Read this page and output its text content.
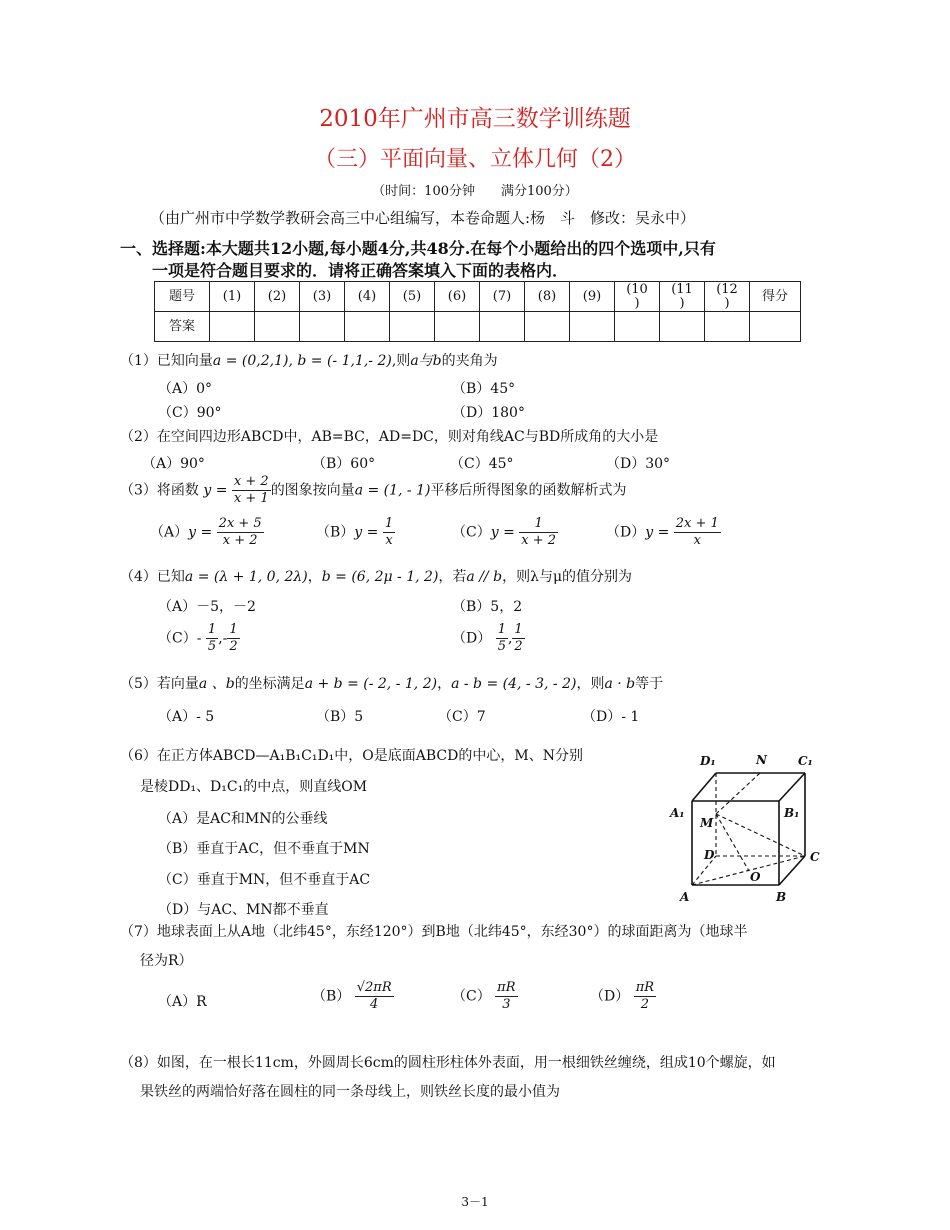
2010年广州市高三数学训练题
（三）平面向量、立体几何（2）
（时间：100分钟　　满分100分）
（由广州市中学数学教研会高三中心组编写，本卷命题人:杨　斗　修改：吴永中）
一、选择题:本大题共12小题,每小题4分,共48分.在每个小题给出的四个选项中,只有
一项是符合题目要求的．请将正确答案填入下面的表格内．
题号	(1)	(2)	(3)	(4)	(5)	(6)	(7)	(8)	(9)	(10
)	(11
)	(12
)	得分
答案													
（1）已知向量a = (0,2,1), b = (- 1,1,- 2),则a与b的夹角为
（A）0°	（B）45°
（C）90°	（D）180°
（2）在空间四边形ABCD中，AB=BC，AD=DC，则对角线AC与BD所成角的大小是
（A）90°	（B）60°	（C）45°	（D）30°
（3）将函数 $y = \frac{x + 2}{x + 1}$ 的图象按向量a = (1, - 1)平移后所得图象的函数解析式为
$(A)y = \frac{2x + 5}{x + 2}$	$(B)y = \frac{1}{x}$	$(C)y = \frac{1}{x + 2}$	$(D)y = \frac{2x + 1}{x}$
（4）已知a = (λ + 1, 0, 2λ)，b = (6, 2μ - 1, 2)，若a // b，则λ与μ的值分别为
（A）－5，－2	（B）5，2
$(C)- \frac{1}{5}$ ,- $\frac{1}{2}$	$(D) \frac{1}{5}$ , $\frac{1}{2}$
（5）若向量a 、b的坐标满足a + b = (- 2, - 1, 2)，a - b = (4, - 3, - 2)，则a · b等于
（A）- 5	（B）5	（C）7	（D）- 1
（6）在正方体ABCD—A₁B₁C₁D₁中，O是底面ABCD的中心，M、N分别
是棱DD₁、D₁C₁的中点，则直线OM
（A）是AC和MN的公垂线
（B）垂直于AC，但不垂直于MN
（C）垂直于MN，但不垂直于AC
（D）与AC、MN都不垂直
D₁	N	C₁
A₁	B₁
M
D	C
O
A	B
（7）地球表面上从A地（北纬45°，东经120°）到B地（北纬45°，东经30°）的球面距离为（地球半
径为R）
（A）R	$(B) \frac{√2\pi R}{4}$	$(C) \frac{\pi R}{3}$	$(D) \frac{\pi R}{2}$
（8）如图，在一根长11cm，外圆周长6cm的圆柱形柱体外表面，用一根细铁丝缠绕，组成10个螺旋，如
果铁丝的两端恰好落在圆柱的同一条母线上，则铁丝长度的最小值为
3－1
